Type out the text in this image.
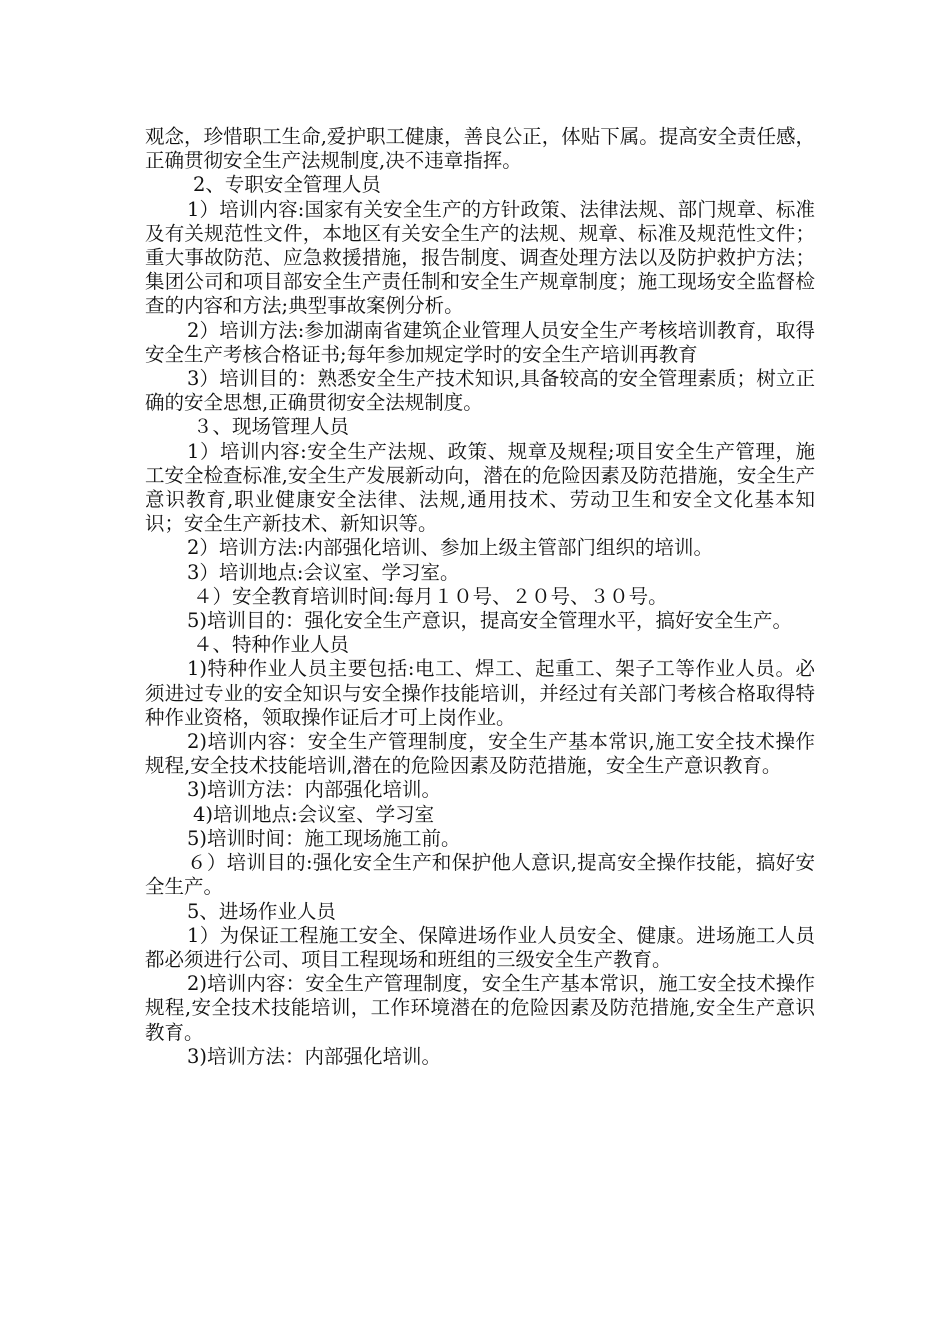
观念，珍惜职工生命,爱护职工健康，善良公正，体贴下属。提高安全责任感，正确贯彻安全生产法规制度,决不违章指挥。

2、专职安全管理人员

1）培训内容:国家有关安全生产的方针政策、法律法规、部门规章、标准及有关规范性文件，本地区有关安全生产的法规、规章、标准及规范性文件；重大事故防范、应急救援措施，报告制度、调查处理方法以及防护救护方法；集团公司和项目部安全生产责任制和安全生产规章制度；施工现场安全监督检查的内容和方法;典型事故案例分析。

2）培训方法:参加湖南省建筑企业管理人员安全生产考核培训教育，取得安全生产考核合格证书;每年参加规定学时的安全生产培训再教育

3）培训目的：熟悉安全生产技术知识,具备较高的安全管理素质；树立正确的安全思想,正确贯彻安全法规制度。

３、现场管理人员

1）培训内容:安全生产法规、政策、规章及规程;项目安全生产管理，施工安全检查标准,安全生产发展新动向，潜在的危险因素及防范措施，安全生产意识教育,职业健康安全法律、法规,通用技术、劳动卫生和安全文化基本知识；安全生产新技术、新知识等。

2）培训方法:内部强化培训、参加上级主管部门组织的培训。

3）培训地点:会议室、学习室。

４）安全教育培训时间:每月１０号、２０号、３０号。

5)培训目的：强化安全生产意识，提高安全管理水平，搞好安全生产。

４、特种作业人员

1)特种作业人员主要包括:电工、焊工、起重工、架子工等作业人员。必须进过专业的安全知识与安全操作技能培训，并经过有关部门考核合格取得特种作业资格，领取操作证后才可上岗作业。

2)培训内容：安全生产管理制度，安全生产基本常识,施工安全技术操作规程,安全技术技能培训,潜在的危险因素及防范措施，安全生产意识教育。

3)培训方法：内部强化培训。

4)培训地点:会议室、学习室

5)培训时间：施工现场施工前。

６）培训目的:强化安全生产和保护他人意识,提高安全操作技能，搞好安全生产。

5、进场作业人员

1）为保证工程施工安全、保障进场作业人员安全、健康。进场施工人员都必须进行公司、项目工程现场和班组的三级安全生产教育。

2)培训内容：安全生产管理制度，安全生产基本常识，施工安全技术操作规程,安全技术技能培训，工作环境潜在的危险因素及防范措施,安全生产意识教育。

3)培训方法：内部强化培训。
